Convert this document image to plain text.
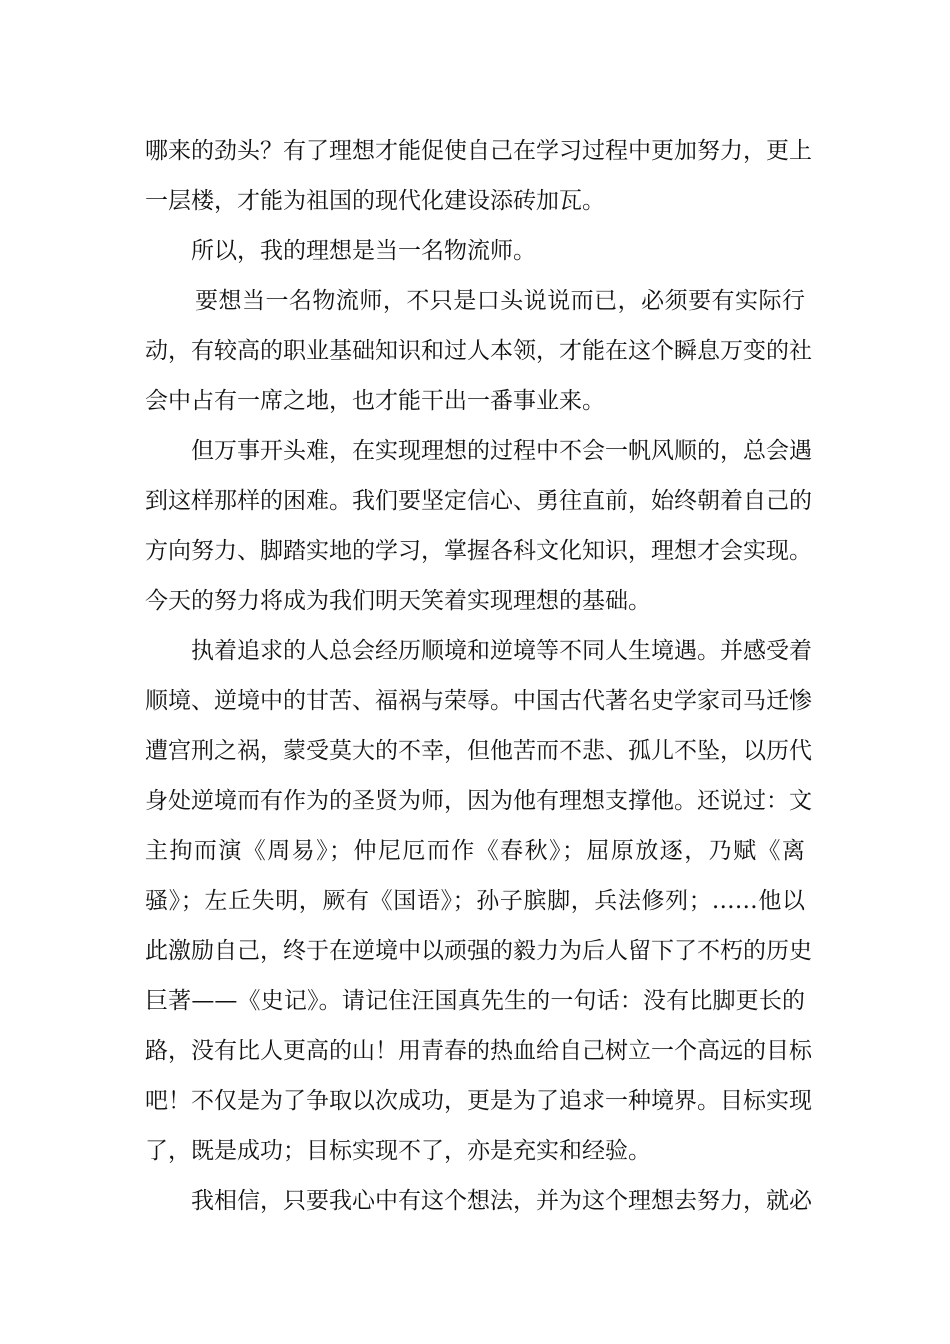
哪来的劲头？有了理想才能促使自己在学习过程中更加努力，更上
一层楼，才能为祖国的现代化建设添砖加瓦。
所以，我的理想是当一名物流师。
要想当一名物流师，不只是口头说说而已，必须要有实际行
动，有较高的职业基础知识和过人本领，才能在这个瞬息万变的社
会中占有一席之地，也才能干出一番事业来。
但万事开头难，在实现理想的过程中不会一帆风顺的，总会遇
到这样那样的困难。我们要坚定信心、勇往直前，始终朝着自己的
方向努力、脚踏实地的学习，掌握各科文化知识，理想才会实现。
今天的努力将成为我们明天笑着实现理想的基础。
执着追求的人总会经历顺境和逆境等不同人生境遇。并感受着
顺境、逆境中的甘苦、福祸与荣辱。中国古代著名史学家司马迁惨
遭宫刑之祸，蒙受莫大的不幸，但他苦而不悲、孤儿不坠，以历代
身处逆境而有作为的圣贤为师，因为他有理想支撑他。还说过：文
主拘而演《周易》；仲尼厄而作《春秋》；屈原放逐，乃赋《离
骚》；左丘失明，厥有《国语》；孙子膑脚，兵法修列；……他以
此激励自己，终于在逆境中以顽强的毅力为后人留下了不朽的历史
巨著——《史记》。请记住汪国真先生的一句话：没有比脚更长的
路，没有比人更高的山！用青春的热血给自己树立一个高远的目标
吧！不仅是为了争取以次成功，更是为了追求一种境界。目标实现
了，既是成功；目标实现不了，亦是充实和经验。
我相信，只要我心中有这个想法，并为这个理想去努力，就必
